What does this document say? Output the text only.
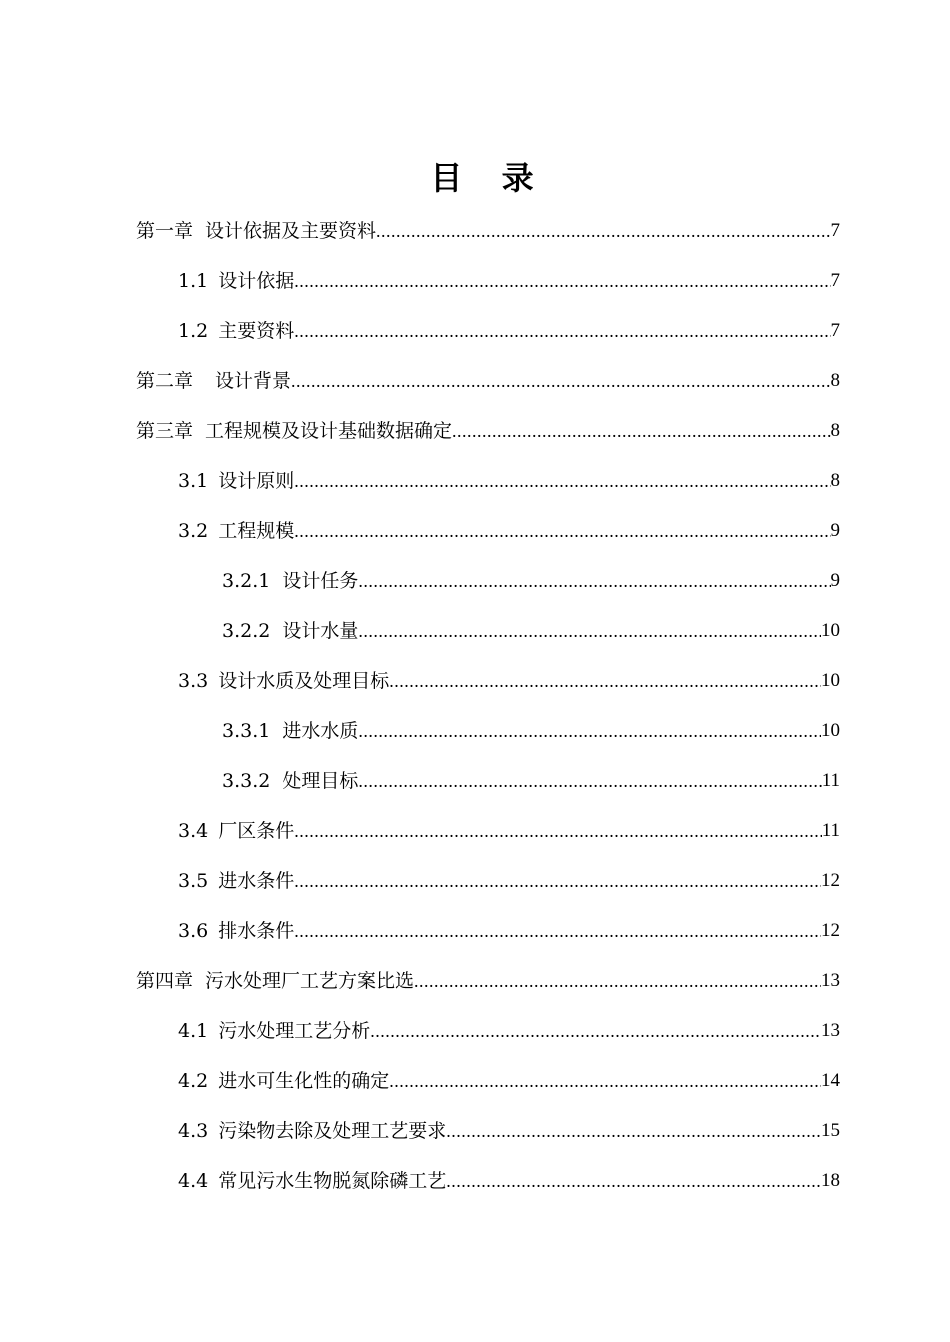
目 录
第一章 设计依据及主要资料 .....	7
1.1 设计依据 .....	7
1.2 主要资料 .....	7
第二章 设计背景 .....	8
第三章 工程规模及设计基础数据确定 .....	8
3.1 设计原则 .....	8
3.2 工程规模 .....	9
3.2.1 设计任务 .....	9
3.2.2 设计水量 .....	10
3.3 设计水质及处理目标 .....	10
3.3.1 进水水质 .....	10
3.3.2 处理目标 .....	11
3.4 厂区条件 .....	11
3.5 进水条件 .....	12
3.6 排水条件 .....	12
第四章 污水处理厂工艺方案比选 .....	13
4.1 污水处理工艺分析 .....	13
4.2 进水可生化性的确定 .....	14
4.3 污染物去除及处理工艺要求 .....	15
4.4 常见污水生物脱氮除磷工艺 .....	18
